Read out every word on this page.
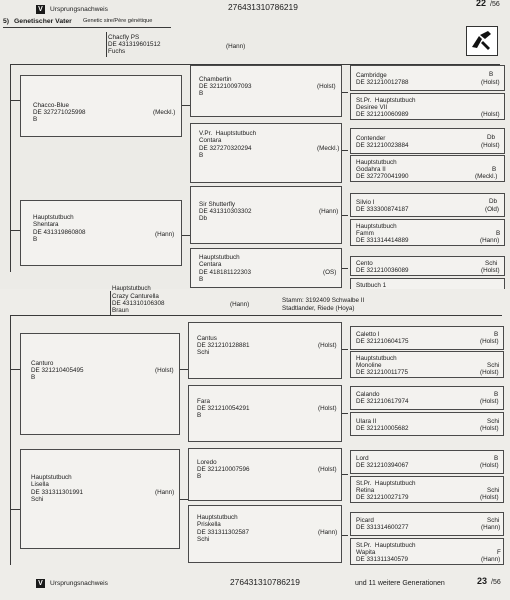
V	Ursprungsnachweis	276431310786219	22 /56
5) Genetischer Vater Genetic sire/Père génétique
Chacfly PS
DE 431319601512
Fuchs
(Hann)
Chacco-Blue
DE 327271025998
B
(Meckl.)
Hauptstutbuch
Shentara
DE 431319860808
B
(Hann)
Chambertin
DE 321210097093
B
(Holst)
V.Pr.  Hauptstutbuch
Contara
DE 327270320294
B
(Meckl.)
Sir Shutterfly
DE 431310303302
Db
(Hann)
Hauptstutbuch
Centara
DE 418181122303
B
(OS)
Cambridge
DE 321210012788
B
(Holst)
St.Pr.  Hauptstutbuch
Desiree VII
DE 321210060989	(Holst)
Contender
DE 321210023884
Db
(Holst)
Hauptstutbuch
Godahra II
DE 327270041990
B
(Meckl.)
Silvio I
DE 333300874187
Db
(Old)
Hauptstutbuch
Famm
DE 331314414889
B
(Hann)
Cento
DE 321210036089
Schi
(Holst)
Stutbuch 1
Hauptstutbuch
Crazy Canturella
DE 431310106308
Braun
(Hann)
Stamm: 3192409 Schwalbe II
Stadtlander, Riede (Hoya)
Canturo
DE 321210405495
B
(Holst)
Hauptstutbuch
Lisella
DE 331311301991
Schi
(Hann)
Cantus
DE 321210128881
Schi
(Holst)
Fara
DE 321210054291
B
(Holst)
Loredo
DE 321210007596
B
(Holst)
Hauptstutbuch
Priskella
DE 331311302587
Schi
(Hann)
Caletto I
DE 321210604175
B
(Holst)
Hauptstutbuch
Monoline
DE 321210011775
Schi
(Holst)
Calando
DE 321210617974
B
(Holst)
Ulara II
DE 321210005682
Schi
(Holst)
Lord
DE 321210394067
B
(Holst)
St.Pr.  Hauptstutbuch
Retina
DE 321210027179
Schi
(Holst)
Picard
DE 331314600277
Schi
(Hann)
St.Pr.  Hauptstutbuch
Wapita
DE 331311340579
F
(Hann)
V	Ursprungsnachweis	276431310786219	und 11 weitere Generationen	23 /56
